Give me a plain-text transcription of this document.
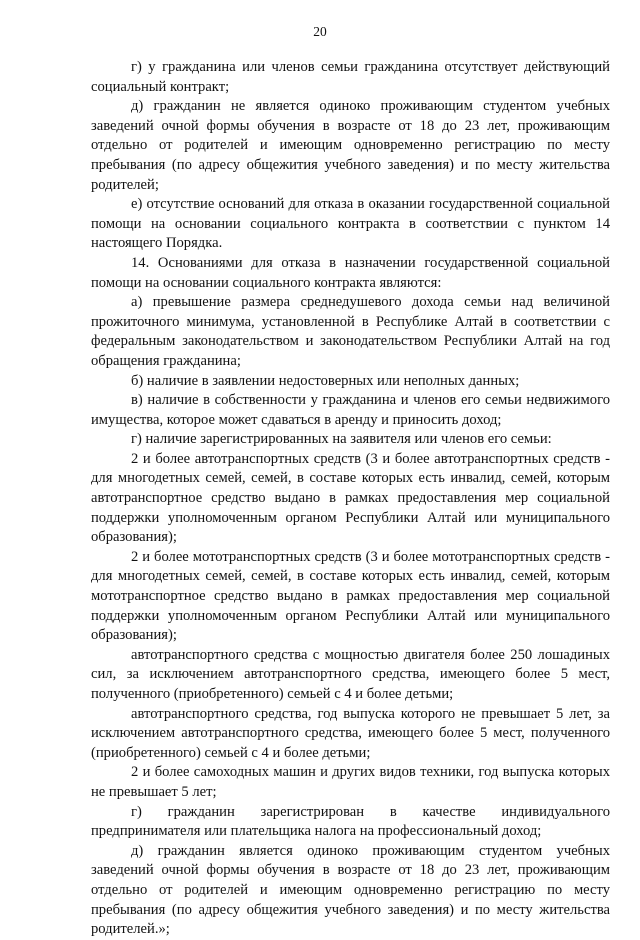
20

г) у гражданина или членов семьи гражданина отсутствует действующий социальный контракт;

д) гражданин не является одиноко проживающим студентом учебных заведений очной формы обучения в возрасте от 18 до 23 лет, проживающим отдельно от родителей и имеющим одновременно регистрацию по месту пребывания (по адресу общежития учебного заведения) и по месту жительства родителей;

е) отсутствие оснований для отказа в оказании государственной социальной помощи на основании социального контракта в соответствии с пунктом 14 настоящего Порядка.

14. Основаниями для отказа в назначении государственной социальной помощи на основании социального контракта являются:

а) превышение размера среднедушевого дохода семьи над величиной прожиточного минимума, установленной в Республике Алтай в соответствии с федеральным законодательством и законодательством Республики Алтай на год обращения гражданина;

б) наличие в заявлении недостоверных или неполных данных;

в) наличие в собственности у гражданина и членов его семьи недвижимого имущества, которое может сдаваться в аренду и приносить доход;

г) наличие зарегистрированных на заявителя или членов его семьи:

2 и более автотранспортных средств (3 и более автотранспортных средств - для многодетных семей, семей, в составе которых есть инвалид, семей, которым автотранспортное средство выдано в рамках предоставления мер социальной поддержки уполномоченным органом Республики Алтай или муниципального образования);

2 и более мототранспортных средств (3 и более мототранспортных средств - для многодетных семей, семей, в составе которых есть инвалид, семей, которым мототранспортное средство выдано в рамках предоставления мер социальной поддержки уполномоченным органом Республики Алтай или муниципального образования);

автотранспортного средства с мощностью двигателя более 250 лошадиных сил, за исключением автотранспортного средства, имеющего более 5 мест, полученного (приобретенного) семьей с 4 и более детьми;

автотранспортного средства, год выпуска которого не превышает 5 лет, за исключением автотранспортного средства, имеющего более 5 мест, полученного (приобретенного) семьей с 4 и более детьми;

2 и более самоходных машин и других видов техники, год выпуска которых не превышает 5 лет;

г) гражданин зарегистрирован в качестве индивидуального предпринимателя или плательщика налога на профессиональный доход;

д) гражданин является одиноко проживающим студентом учебных заведений очной формы обучения в возрасте от 18 до 23 лет, проживающим отдельно от родителей и имеющим одновременно регистрацию по месту пребывания (по адресу общежития учебного заведения) и по месту жительства родителей.»;
